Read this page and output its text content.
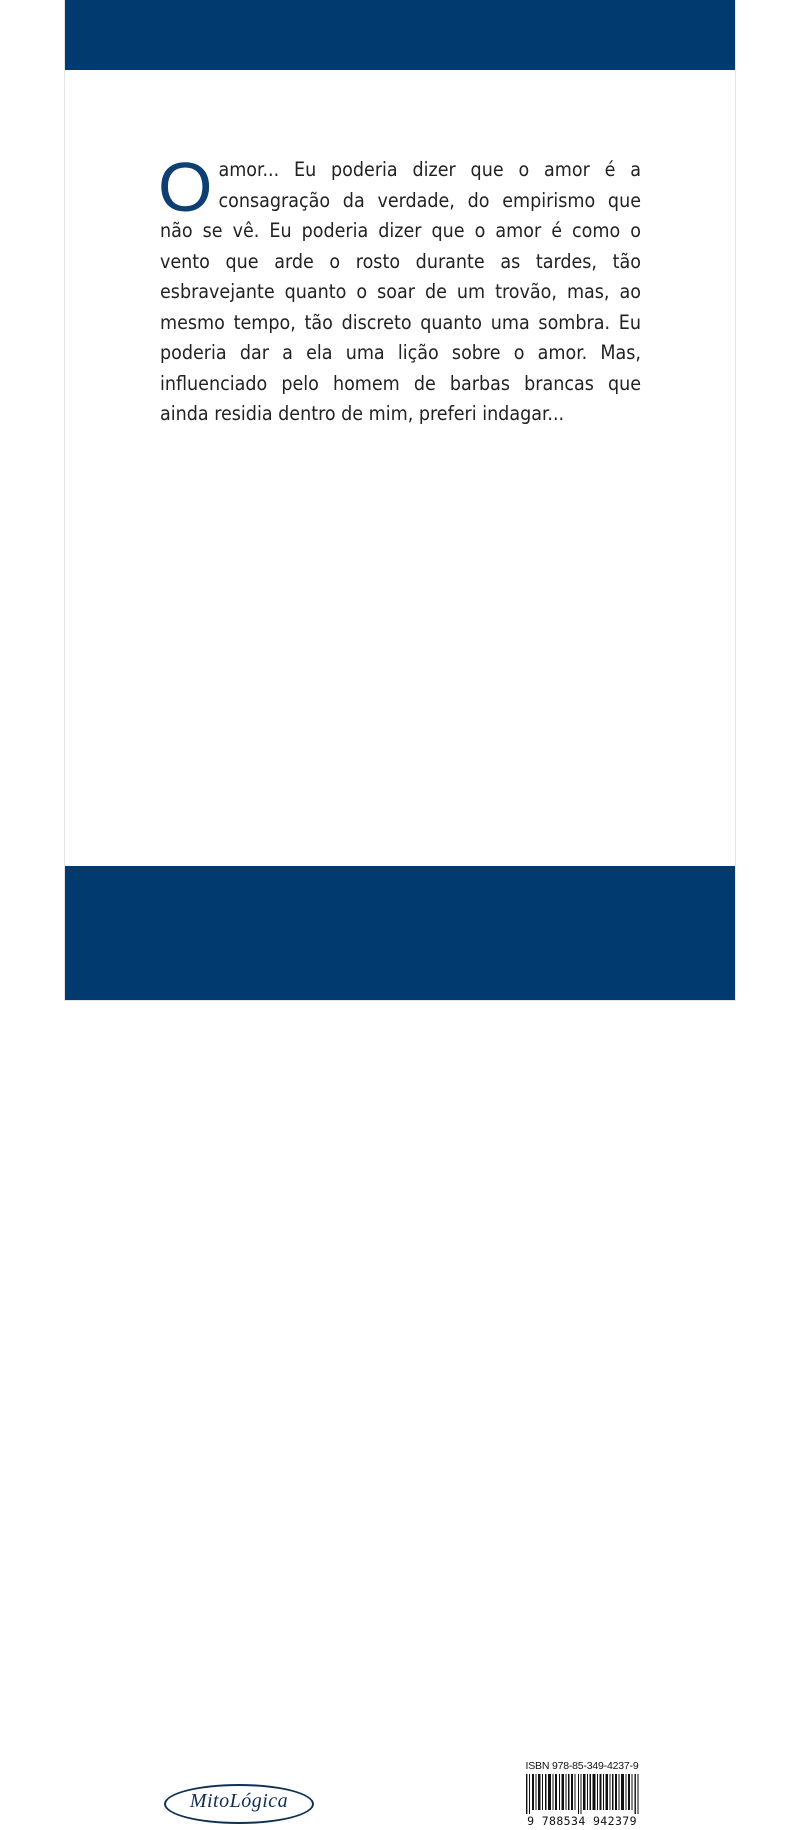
Oamor... Eu poderia dizer que o amor é a consagração da verdade, do empirismo que não se vê. Eu poderia dizer que o amor é como o vento que arde o rosto durante as tardes, tão esbravejante quanto o soar de um trovão, mas, ao mesmo tempo, tão discreto quanto uma sombra. Eu poderia dar a ela uma lição sobre o amor. Mas, influenciado pelo homem de barbas brancas que ainda residia dentro de mim, preferi indagar...

MitoLógica
ISBN 978-85-349-4237-9
9 788534 942379
